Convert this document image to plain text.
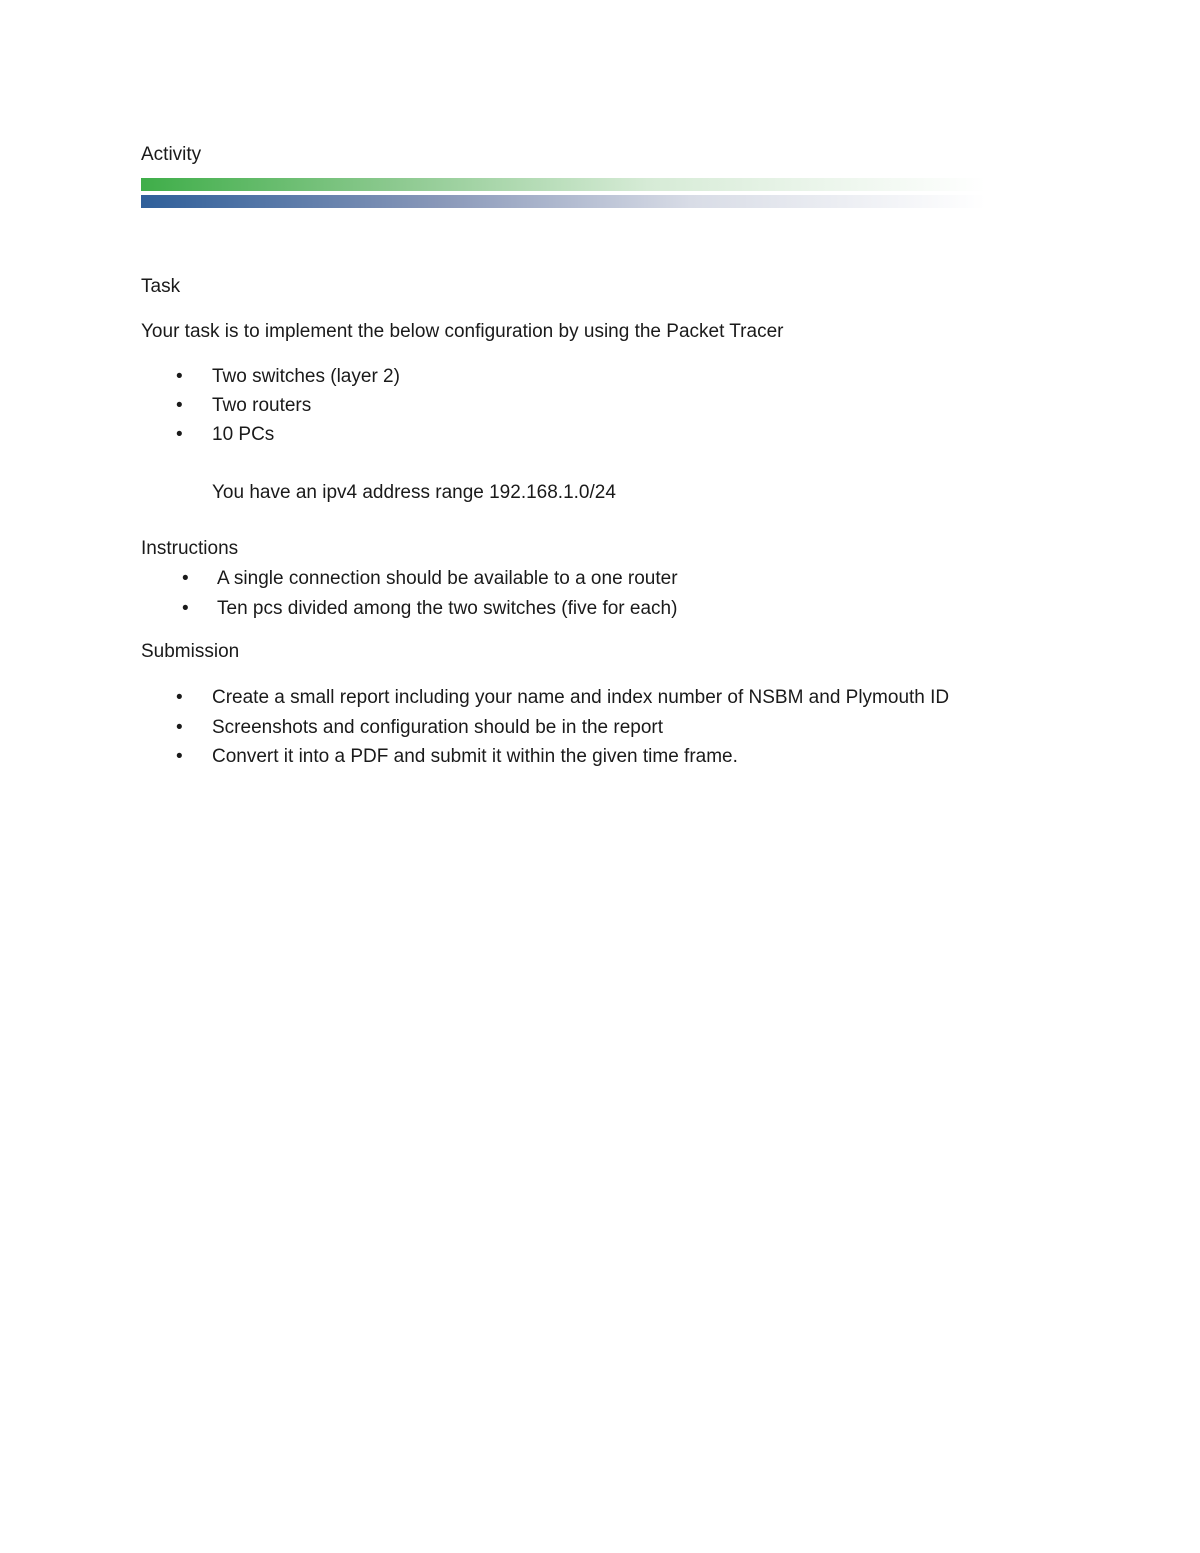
Activity
Task

Your task is to implement the below configuration by using the Packet Tracer

• Two switches (layer 2)
• Two routers
• 10 PCs

You have an ipv4 address range 192.168.1.0/24

Instructions
• A single connection should be available to a one router
• Ten pcs divided among the two switches (five for each)
Submission
• Create a small report including your name and index number of NSBM and Plymouth ID
• Screenshots and configuration should be in the report
• Convert it into a PDF and submit it within the given time frame.
